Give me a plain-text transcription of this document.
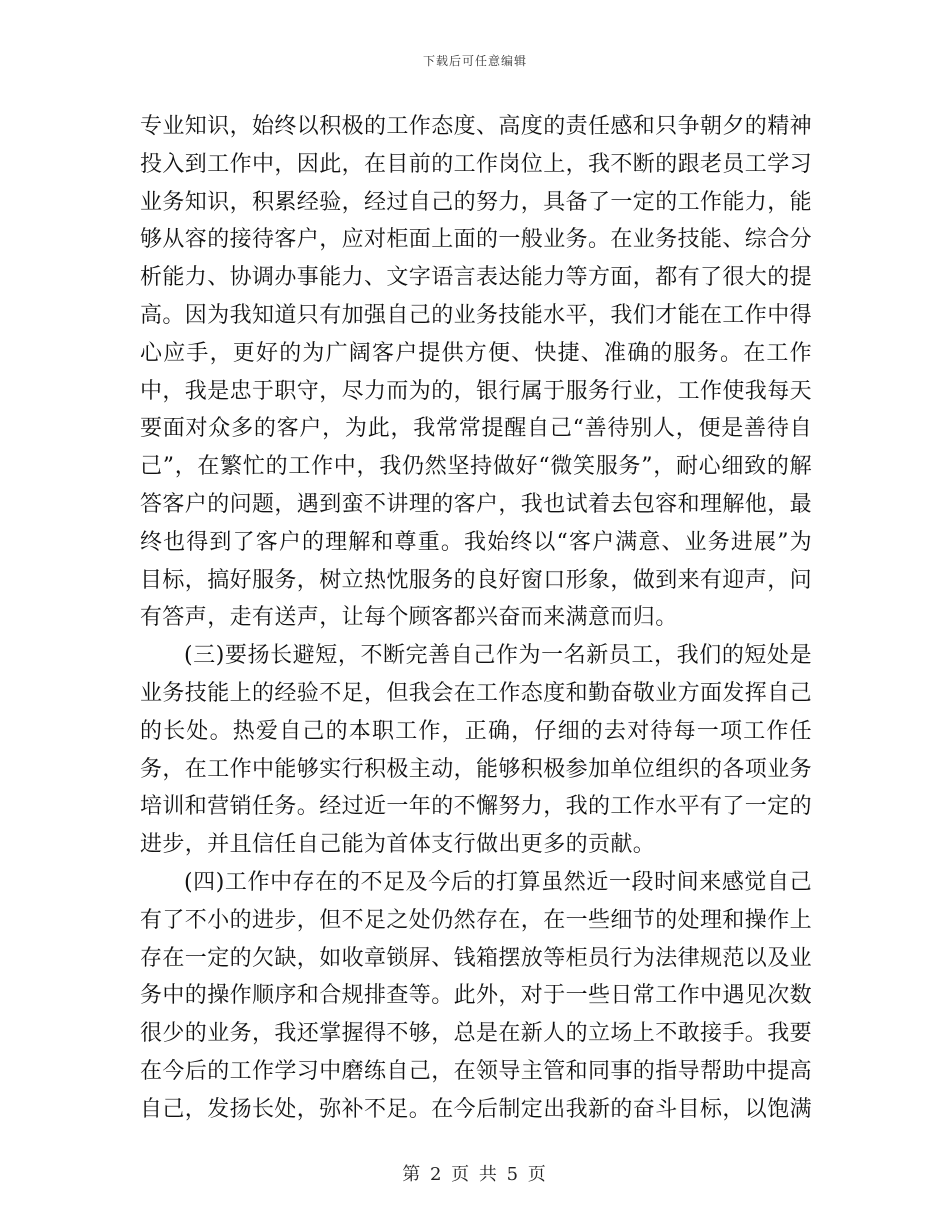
下载后可任意编辑

专业知识，始终以积极的工作态度、高度的责任感和只争朝夕的精神投入到工作中，因此，在目前的工作岗位上，我不断的跟老员工学习业务知识，积累经验，经过自己的努力，具备了一定的工作能力，能够从容的接待客户，应对柜面上面的一般业务。在业务技能、综合分析能力、协调办事能力、文字语言表达能力等方面，都有了很大的提高。因为我知道只有加强自己的业务技能水平，我们才能在工作中得心应手，更好的为广阔客户提供方便、快捷、准确的服务。在工作中，我是忠于职守，尽力而为的，银行属于服务行业，工作使我每天要面对众多的客户，为此，我常常提醒自己“善待别人，便是善待自己”，在繁忙的工作中，我仍然坚持做好“微笑服务”，耐心细致的解答客户的问题，遇到蛮不讲理的客户，我也试着去包容和理解他，最终也得到了客户的理解和尊重。我始终以“客户满意、业务进展”为目标，搞好服务，树立热忱服务的良好窗口形象，做到来有迎声，问有答声，走有送声，让每个顾客都兴奋而来满意而归。

(三)要扬长避短，不断完善自己作为一名新员工，我们的短处是业务技能上的经验不足，但我会在工作态度和勤奋敬业方面发挥自己的长处。热爱自己的本职工作，正确，仔细的去对待每一项工作任务，在工作中能够实行积极主动，能够积极参加单位组织的各项业务培训和营销任务。经过近一年的不懈努力，我的工作水平有了一定的进步，并且信任自己能为首体支行做出更多的贡献。

(四)工作中存在的不足及今后的打算虽然近一段时间来感觉自己有了不小的进步，但不足之处仍然存在，在一些细节的处理和操作上存在一定的欠缺，如收章锁屏、钱箱摆放等柜员行为法律规范以及业务中的操作顺序和合规排查等。此外，对于一些日常工作中遇见次数很少的业务，我还掌握得不够，总是在新人的立场上不敢接手。我要在今后的工作学习中磨练自己，在领导主管和同事的指导帮助中提高自己，发扬长处，弥补不足。在今后制定出我新的奋斗目标，以饱满

第 2 页 共 5 页
